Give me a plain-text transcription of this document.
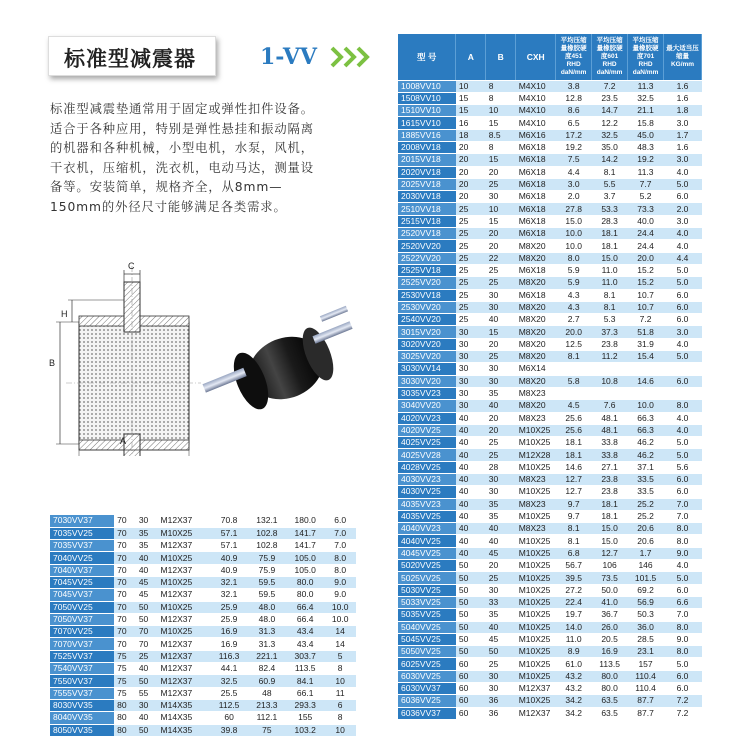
标准型减震器	1-VV
标准型减震垫通常用于固定或弹性扣件设备。
适合于各种应用，特别是弹性悬挂和振动隔离
的机器和各种机械，小型电机，水泵，风机，
干衣机，压缩机，洗衣机，电动马达，测量设
备等。安装简单，规格齐全，从8mm—
150mm的外径尺寸能够满足各类需求。
C
H
B
A
7030VV37	70	30	M12X37	70.8	132.1	180.0	6.0
7035VV25	70	35	M10X25	57.1	102.8	141.7	7.0
7035VV37	70	35	M12X37	57.1	102.8	141.7	7.0
7040VV25	70	40	M10X25	40.9	75.9	105.0	8.0
7040VV37	70	40	M12X37	40.9	75.9	105.0	8.0
7045VV25	70	45	M10X25	32.1	59.5	80.0	9.0
7045VV37	70	45	M12X37	32.1	59.5	80.0	9.0
7050VV25	70	50	M10X25	25.9	48.0	66.4	10.0
7050VV37	70	50	M12X37	25.9	48.0	66.4	10.0
7070VV25	70	70	M10X25	16.9	31.3	43.4	14
7070VV37	70	70	M12X37	16.9	31.3	43.4	14
7525VV37	75	25	M12X37	116.3	221.1	303.7	5
7540VV37	75	40	M12X37	44.1	82.4	113.5	8
7550VV37	75	50	M12X37	32.5	60.9	84.1	10
7555VV37	75	55	M12X37	25.5	48	66.1	11
8030VV35	80	30	M14X35	112.5	213.3	293.3	6
8040VV35	80	40	M14X35	60	112.1	155	8
8050VV35	80	50	M14X35	39.8	75	103.2	10
型 号	A	B	CXH	平均压缩量橡胶硬度451 RHD daN/mm	平均压缩量橡胶硬度601 RHD daN/mm	平均压缩量橡胶硬度701 RHD daN/mm	最大适当压缩量 KG/mm
1008VV10	10	8	M4X10	3.8	7.2	11.3	1.6
1508VV10	15	8	M4X10	12.8	23.5	32.5	1.6
1510VV10	15	10	M4X10	8.6	14.7	21.1	1.8
1615VV10	16	15	M4X10	6.5	12.2	15.8	3.0
1885VV16	18	8.5	M6X16	17.2	32.5	45.0	1.7
2008VV18	20	8	M6X18	19.2	35.0	48.3	1.6
2015VV18	20	15	M6X18	7.5	14.2	19.2	3.0
2020VV18	20	20	M6X18	4.4	8.1	11.3	4.0
2025VV18	20	25	M6X18	3.0	5.5	7.7	5.0
2030VV18	20	30	M6X18	2.0	3.7	5.2	6.0
2510VV18	25	10	M6X18	27.8	53.3	73.3	2.0
2515VV18	25	15	M6X18	15.0	28.3	40.0	3.0
2520VV18	25	20	M6X18	10.0	18.1	24.4	4.0
2520VV20	25	20	M8X20	10.0	18.1	24.4	4.0
2522VV20	25	22	M8X20	8.0	15.0	20.0	4.4
2525VV18	25	25	M6X18	5.9	11.0	15.2	5.0
2525VV20	25	25	M8X20	5.9	11.0	15.2	5.0
2530VV18	25	30	M6X18	4.3	8.1	10.7	6.0
2530VV20	25	30	M8X20	4.3	8.1	10.7	6.0
2540VV20	25	40	M8X20	2.7	5.3	7.2	6.0
3015VV20	30	15	M8X20	20.0	37.3	51.8	3.0
3020VV20	30	20	M8X20	12.5	23.8	31.9	4.0
3025VV20	30	25	M8X20	8.1	11.2	15.4	5.0
3030VV14	30	30	M6X14				
3030VV20	30	30	M8X20	5.8	10.8	14.6	6.0
3035VV23	30	35	M8X23				
3040VV20	30	40	M8X20	4.5	7.6	10.0	8.0
4020VV23	40	20	M8X23	25.6	48.1	66.3	4.0
4020VV25	40	20	M10X25	25.6	48.1	66.3	4.0
4025VV25	40	25	M10X25	18.1	33.8	46.2	5.0
4025VV28	40	25	M12X28	18.1	33.8	46.2	5.0
4028VV25	40	28	M10X25	14.6	27.1	37.1	5.6
4030VV23	40	30	M8X23	12.7	23.8	33.5	6.0
4030VV25	40	30	M10X25	12.7	23.8	33.5	6.0
4035VV23	40	35	M8X23	9.7	18.1	25.2	7.0
4035VV25	40	35	M10X25	9.7	18.1	25.2	7.0
4040VV23	40	40	M8X23	8.1	15.0	20.6	8.0
4040VV25	40	40	M10X25	8.1	15.0	20.6	8.0
4045VV25	40	45	M10X25	6.8	12.7	1.7	9.0
5020VV25	50	20	M10X25	56.7	106	146	4.0
5025VV25	50	25	M10X25	39.5	73.5	101.5	5.0
5030VV25	50	30	M10X25	27.2	50.0	69.2	6.0
5033VV25	50	33	M10X25	22.4	41.0	56.9	6.6
5035VV25	50	35	M10X25	19.7	36.7	50.3	7.0
5040VV25	50	40	M10X25	14.0	26.0	36.0	8.0
5045VV25	50	45	M10X25	11.0	20.5	28.5	9.0
5050VV25	50	50	M10X25	8.9	16.9	23.1	8.0
6025VV25	60	25	M10X25	61.0	113.5	157	5.0
6030VV25	60	30	M10X25	43.2	80.0	110.4	6.0
6030VV37	60	30	M12X37	43.2	80.0	110.4	6.0
6036VV25	60	36	M10X25	34.2	63.5	87.7	7.2
6036VV37	60	36	M12X37	34.2	63.5	87.7	7.2
